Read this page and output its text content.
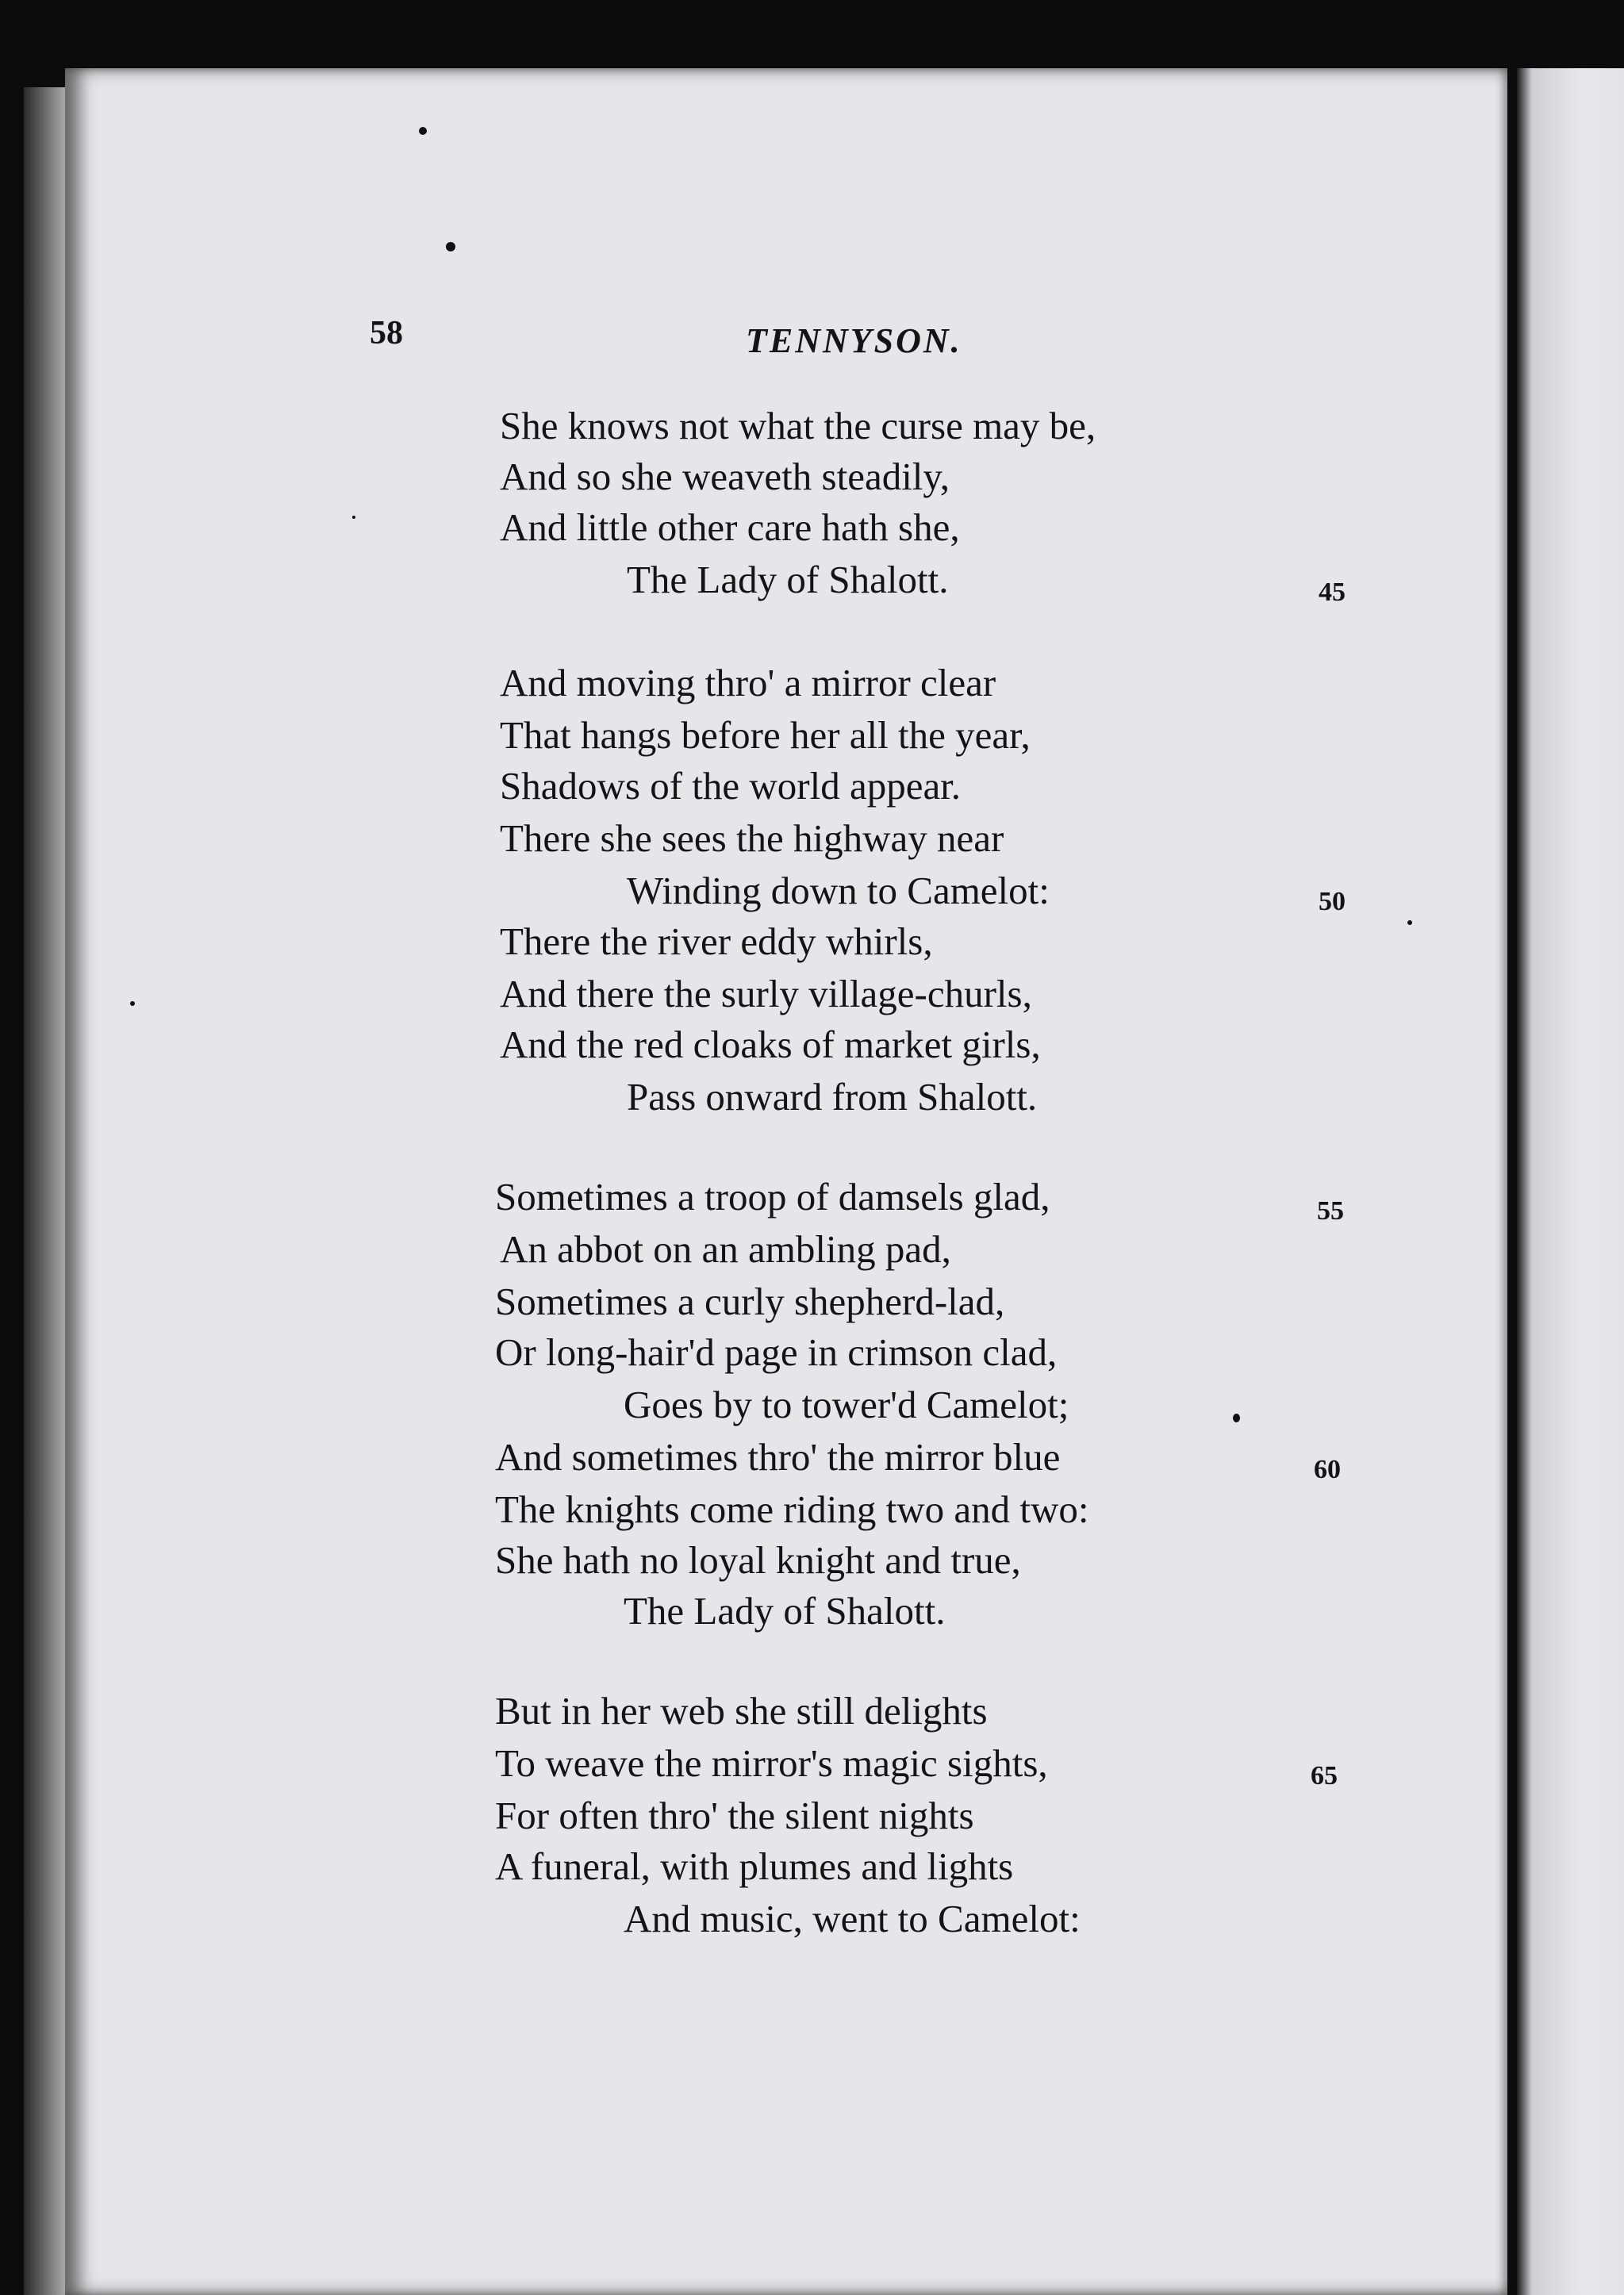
58	TENNYSON.
She knows not what the curse may be,
And so she weaveth steadily,
And little other care hath she,
The Lady of Shalott.	45
And moving thro' a mirror clear
That hangs before her all the year,
Shadows of the world appear.
There she sees the highway near
Winding down to Camelot:	50
There the river eddy whirls,
And there the surly village-churls,
And the red cloaks of market girls,
Pass onward from Shalott.
Sometimes a troop of damsels glad,	55
An abbot on an ambling pad,
Sometimes a curly shepherd-lad,
Or long-hair'd page in crimson clad,
Goes by to tower'd Camelot;
And sometimes thro' the mirror blue	60
The knights come riding two and two:
She hath no loyal knight and true,
The Lady of Shalott.
But in her web she still delights
To weave the mirror's magic sights,	65
For often thro' the silent nights
A funeral, with plumes and lights
And music, went to Camelot:
